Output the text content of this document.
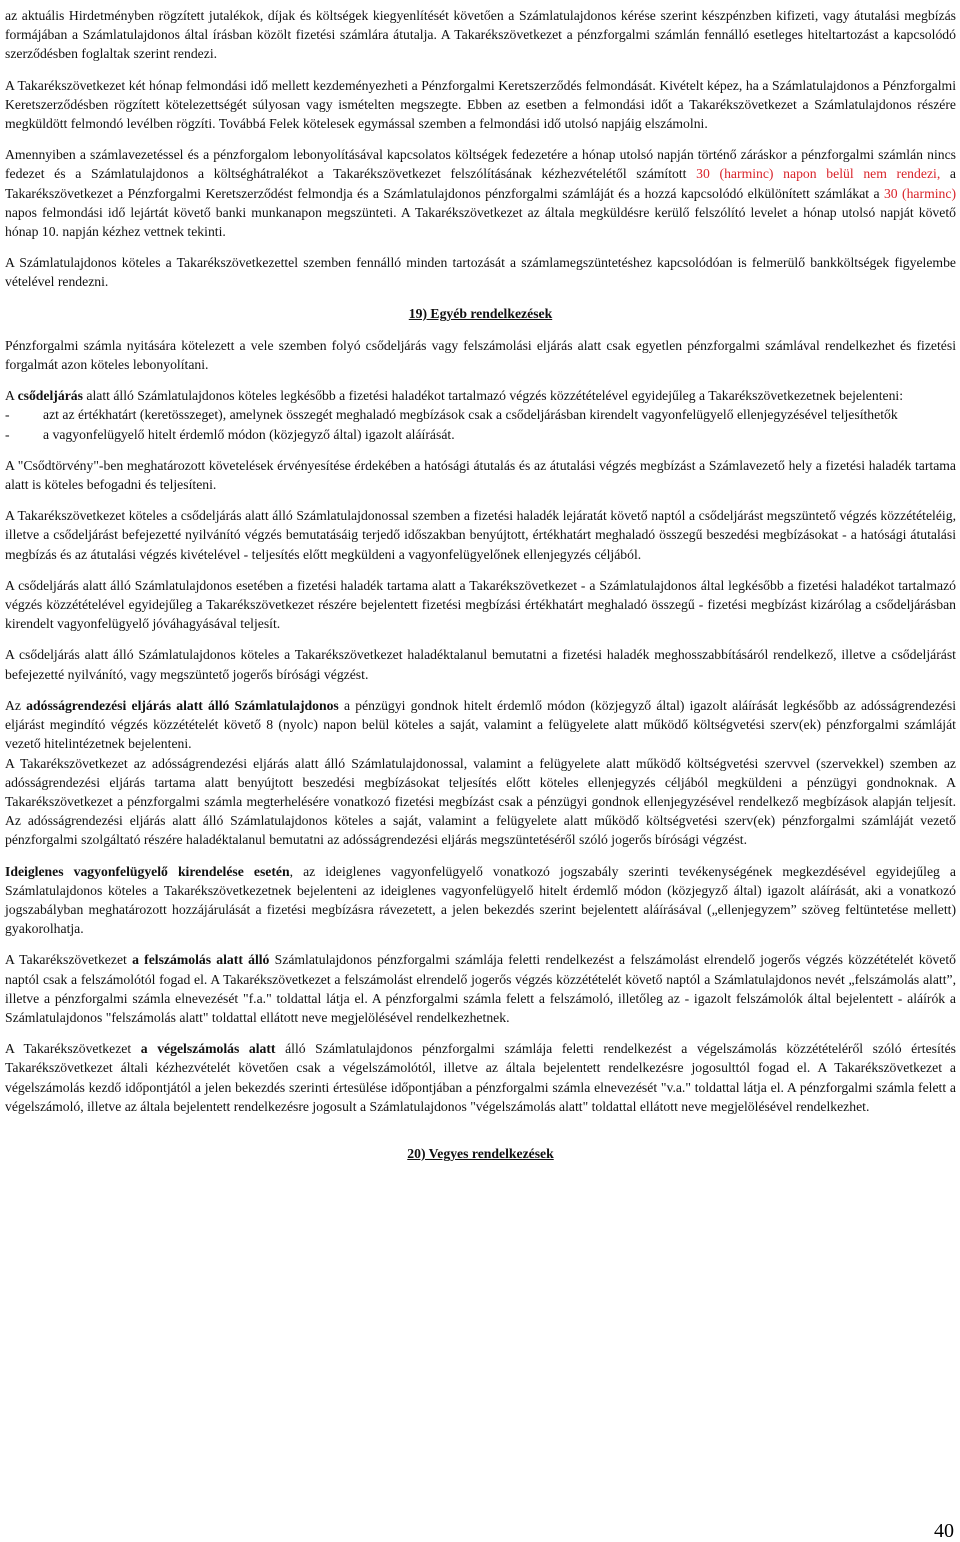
az aktuális Hirdetményben rögzített jutalékok, díjak és költségek kiegyenlítését követően a Számlatulajdonos kérése szerint készpénzben kifizeti, vagy átutalási megbízás formájában a Számlatulajdonos által írásban közölt fizetési számlára átutalja. A Takarékszövetkezet a pénzforgalmi számlán fennálló esetleges hiteltartozást a kapcsolódó szerződésben foglaltak szerint rendezi.

A Takarékszövetkezet két hónap felmondási idő mellett kezdeményezheti a Pénzforgalmi Keretszerződés felmondását. Kivételt képez, ha a Számlatulajdonos a Pénzforgalmi Keretszerződésben rögzített kötelezettségét súlyosan vagy ismételten megszegte. Ebben az esetben a felmondási időt a Takarékszövetkezet a Számlatulajdonos részére megküldött felmondó levélben rögzíti. Továbbá Felek kötelesek egymással szemben a felmondási idő utolsó napjáig elszámolni.

Amennyiben a számlavezetéssel és a pénzforgalom lebonyolításával kapcsolatos költségek fedezetére a hónap utolsó napján történő záráskor a pénzforgalmi számlán nincs fedezet és a Számlatulajdonos a költséghátralékot a Takarékszövetkezet felszólításának kézhezvételétől számított 30 (harminc) napon belül nem rendezi, a Takarékszövetkezet a Pénzforgalmi Keretszerződést felmondja és a Számlatulajdonos pénzforgalmi számláját és a hozzá kapcsolódó elkülönített számlákat a 30 (harminc) napos felmondási idő lejártát követő banki munkanapon megszünteti. A Takarékszövetkezet az általa megküldésre kerülő felszólító levelet a hónap utolsó napját követő hónap 10. napján kézhez vettnek tekinti.

A Számlatulajdonos köteles a Takarékszövetkezettel szemben fennálló minden tartozását a számlamegszüntetéshez kapcsolódóan is felmerülő bankköltségek figyelembe vételével rendezni.

19) Egyéb rendelkezések

Pénzforgalmi számla nyitására kötelezett a vele szemben folyó csődeljárás vagy felszámolási eljárás alatt csak egyetlen pénzforgalmi számlával rendelkezhet és fizetési forgalmát azon köteles lebonyolítani.

A csődeljárás alatt álló Számlatulajdonos köteles legkésőbb a fizetési haladékot tartalmazó végzés közzétételével egyidejűleg a Takarékszövetkezetnek bejelenteni:

-	azt az értékhatárt (keretösszeget), amelynek összegét meghaladó megbízások csak a csődeljárásban kirendelt vagyonfelügyelő ellenjegyzésével teljesíthetők
-	a vagyonfelügyelő hitelt érdemlő módon (közjegyző által) igazolt aláírását.

A "Csődtörvény"-ben meghatározott követelések érvényesítése érdekében a hatósági átutalás és az átutalási végzés megbízást a Számlavezető hely a fizetési haladék tartama alatt is köteles befogadni és teljesíteni.

A Takarékszövetkezet köteles a csődeljárás alatt álló Számlatulajdonossal szemben a fizetési haladék lejáratát követő naptól a csődeljárást megszüntető végzés közzétételéig, illetve a csődeljárást befejezetté nyilvánító végzés bemutatásáig terjedő időszakban benyújtott, értékhatárt meghaladó összegű beszedési megbízásokat - a hatósági átutalási megbízás és az átutalási végzés kivételével - teljesítés előtt megküldeni a vagyonfelügyelőnek ellenjegyzés céljából.

A csődeljárás alatt álló Számlatulajdonos esetében a fizetési haladék tartama alatt a Takarékszövetkezet - a Számlatulajdonos által legkésőbb a fizetési haladékot tartalmazó végzés közzétételével egyidejűleg a Takarékszövetkezet részére bejelentett fizetési megbízási értékhatárt meghaladó összegű - fizetési megbízást kizárólag a csődeljárásban kirendelt vagyonfelügyelő jóváhagyásával teljesít.

A csődeljárás alatt álló Számlatulajdonos köteles a Takarékszövetkezet haladéktalanul bemutatni a fizetési haladék meghosszabbításáról rendelkező, illetve a csődeljárást befejezetté nyilvánító, vagy megszüntető jogerős bírósági végzést.

Az adósságrendezési eljárás alatt álló Számlatulajdonos a pénzügyi gondnok hitelt érdemlő módon (közjegyző által) igazolt aláírását legkésőbb az adósságrendezési eljárást megindító végzés közzétételét követő 8 (nyolc) napon belül köteles a saját, valamint a felügyelete alatt működő költségvetési szerv(ek) pénzforgalmi számláját vezető hitelintézetnek bejelenteni.

A Takarékszövetkezet az adósságrendezési eljárás alatt álló Számlatulajdonossal, valamint a felügyelete alatt működő költségvetési szervvel (szervekkel) szemben az adósságrendezési eljárás tartama alatt benyújtott beszedési megbízásokat teljesítés előtt köteles ellenjegyzés céljából megküldeni a pénzügyi gondnoknak. A Takarékszövetkezet a pénzforgalmi számla megterhelésére vonatkozó fizetési megbízást csak a pénzügyi gondnok ellenjegyzésével rendelkező megbízások alapján teljesít. Az adósságrendezési eljárás alatt álló Számlatulajdonos köteles a saját, valamint a felügyelete alatt működő költségvetési szerv(ek) pénzforgalmi számláját vezető pénzforgalmi szolgáltató részére haladéktalanul bemutatni az adósságrendezési eljárás megszüntetéséről szóló jogerős bírósági végzést.

Ideiglenes vagyonfelügyelő kirendelése esetén, az ideiglenes vagyonfelügyelő vonatkozó jogszabály szerinti tevékenységének megkezdésével egyidejűleg a Számlatulajdonos köteles a Takarékszövetkezetnek bejelenteni az ideiglenes vagyonfelügyelő hitelt érdemlő módon (közjegyző által) igazolt aláírását, aki a vonatkozó jogszabályban meghatározott hozzájárulását a fizetési megbízásra rávezetett, a jelen bekezdés szerint bejelentett aláírásával („ellenjegyzem” szöveg feltüntetése mellett) gyakorolhatja.

A Takarékszövetkezet a felszámolás alatt álló Számlatulajdonos pénzforgalmi számlája feletti rendelkezést a felszámolást elrendelő jogerős végzés közzétételét követő naptól csak a felszámolótól fogad el. A Takarékszövetkezet a felszámolást elrendelő jogerős végzés közzétételét követő naptól a Számlatulajdonos nevét „felszámolás alatt”, illetve a pénzforgalmi számla elnevezését "f.a." toldattal látja el. A pénzforgalmi számla felett a felszámoló, illetőleg az - igazolt felszámolók által bejelentett - aláírók a Számlatulajdonos "felszámolás alatt" toldattal ellátott neve megjelölésével rendelkezhetnek.

A Takarékszövetkezet a végelszámolás alatt álló Számlatulajdonos pénzforgalmi számlája feletti rendelkezést a végelszámolás közzétételéről szóló értesítés Takarékszövetkezet általi kézhezvételét követően csak a végelszámolótól, illetve az általa bejelentett rendelkezésre jogosulttól fogad el. A Takarékszövetkezet a végelszámolás kezdő időpontjától a jelen bekezdés szerinti értesülése időpontjában a pénzforgalmi számla elnevezését "v.a." toldattal látja el. A pénzforgalmi számla felett a végelszámoló, illetve az általa bejelentett rendelkezésre jogosult a Számlatulajdonos "végelszámolás alatt" toldattal ellátott neve megjelölésével rendelkezhet.

20) Vegyes rendelkezések
40
